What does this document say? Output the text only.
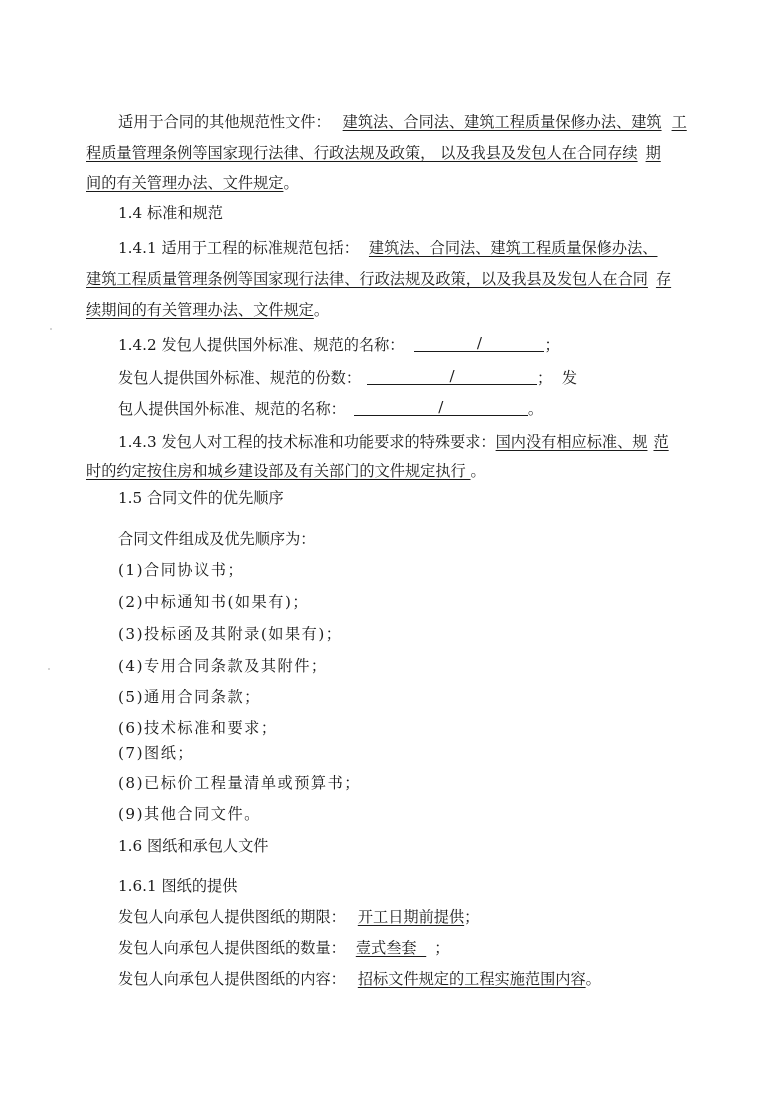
适用于合同的其他规范性文件： 建筑法、合同法、建筑工程质量保修办法、建筑 工
程质量管理条例等国家现行法律、行政法规及政策， 以及我县及发包人在合同存续 期
间的有关管理办法、文件规定。
1.4 标准和规范
1.4.1 适用于工程的标准规范包括： 建筑法、合同法、建筑工程质量保修办法、
建筑工程质量管理条例等国家现行法律、行政法规及政策，以及我县及发包人在合同 存
续期间的有关管理办法、文件规定。
1.4.2 发包人提供国外标准、规范的名称：	/	；
发包人提供国外标准、规范的份数：	/	；  发
包人提供国外标准、规范的名称：	/	。
1.4.3 发包人对工程的技术标准和功能要求的特殊要求：国内没有相应标准、规 范
时的约定按住房和城乡建设部及有关部门的文件规定执行 。
1.5 合同文件的优先顺序
合同文件组成及优先顺序为：
(1)合同协议书；
(2)中标通知书(如果有)；
(3)投标函及其附录(如果有)；
(4)专用合同条款及其附件；
(5)通用合同条款；
(6)技术标准和要求；
(7)图纸；
(8)已标价工程量清单或预算书；
(9)其他合同文件。
1.6 图纸和承包人文件
1.6.1 图纸的提供
发包人向承包人提供图纸的期限： 开工日期前提供；
发包人向承包人提供图纸的数量： 壹式叁套  ；
发包人向承包人提供图纸的内容： 招标文件规定的工程实施范围内容。
